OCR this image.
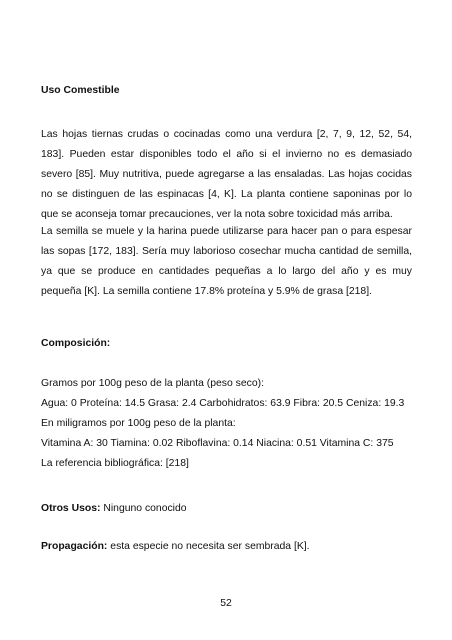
Uso Comestible
Las hojas tiernas crudas o cocinadas como una verdura [2, 7, 9, 12, 52, 54, 183]. Pueden estar disponibles todo el año si el invierno no es demasiado severo [85]. Muy nutritiva, puede agregarse a las ensaladas. Las hojas cocidas no se distinguen de las espinacas [4, K]. La planta contiene saponinas por lo que se aconseja tomar precauciones, ver la nota sobre toxicidad más arriba.
La semilla se muele y la harina puede utilizarse para hacer pan o para espesar las sopas [172, 183]. Sería muy laborioso cosechar mucha cantidad de semilla, ya que se produce en cantidades pequeñas a lo largo del año y es muy pequeña [K]. La semilla contiene 17.8% proteína y 5.9% de grasa [218].
Composición:
Gramos por 100g peso de la planta (peso seco):
Agua: 0 Proteína: 14.5 Grasa: 2.4 Carbohidratos: 63.9 Fibra: 20.5 Ceniza: 19.3
En miligramos por 100g peso de la planta:
Vitamina A: 30 Tiamina: 0.02 Riboflavina: 0.14 Niacina: 0.51 Vitamina C: 375
La referencia bibliográfica: [218]
Otros Usos: Ninguno conocido
Propagación: esta especie no necesita ser sembrada [K].
52
